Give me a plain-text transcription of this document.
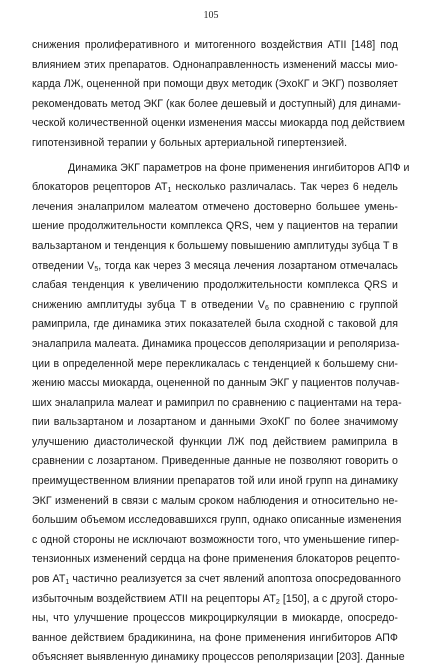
105
снижения пролиферативного и митогенного воздействия ATII [148] под
влиянием этих препаратов. Однонаправленность изменений массы мио-
карда ЛЖ, оцененной при помощи двух методик (ЭхоКГ и ЭКГ) позволяет
рекомендовать метод ЭКГ (как более дешевый и доступный) для динами-
ческой количественной оценки изменения массы миокарда под действием
гипотензивной терапии у больных артериальной гипертензией.
Динамика ЭКГ параметров на фоне применения ингибиторов АПФ и
блокаторов рецепторов $AT_1$ несколько различалась. Так через 6 недель
лечения эналаприлом малеатом отмечено достоверно большее умень-
шение продолжительности комплекса QRS, чем у пациентов на терапии
вальзартаном и тенденция к большему повышению амплитуды зубца T в
отведении $V_5$, тогда как через 3 месяца лечения лозартаном отмечалась
слабая тенденция к увеличению продолжительности комплекса QRS и
снижению амплитуды зубца T в отведении $V_6$ по сравнению с группой
рамиприла, где динамика этих показателей была сходной с таковой для
эналаприла малеата. Динамика процессов деполяризации и реполяриза-
ции в определенной мере перекликалась с тенденцией к большему сни-
жению массы миокарда, оцененной по данным ЭКГ у пациентов получав-
ших эналаприла малеат и рамиприл по сравнению с пациентами на тера-
пии вальзартаном и лозартаном и данными ЭхоКГ по более значимому
улучшению диастолической функции ЛЖ под действием рамиприла в
сравнении с лозартаном. Приведенные данные не позволяют говорить о
преимущественном влиянии препаратов той или иной групп на динамику
ЭКГ изменений в связи с малым сроком наблюдения и относительно не-
большим объемом исследовавшихся групп, однако описанные изменения
с одной стороны не исключают возможности того, что уменьшение гипер-
тензионных изменений сердца на фоне применения блокаторов рецепто-
ров $AT_1$ частично реализуется за счет явлений апоптоза опосредованного
избыточным воздействием ATII на рецепторы $AT_2$ [150], а с другой сторо-
ны, что улучшение процессов микроциркуляции в миокарде, опосредо-
ванное действием брадикинина, на фоне применения ингибиторов АПФ
объясняет выявленную динамику процессов реполяризации [203]. Данные
